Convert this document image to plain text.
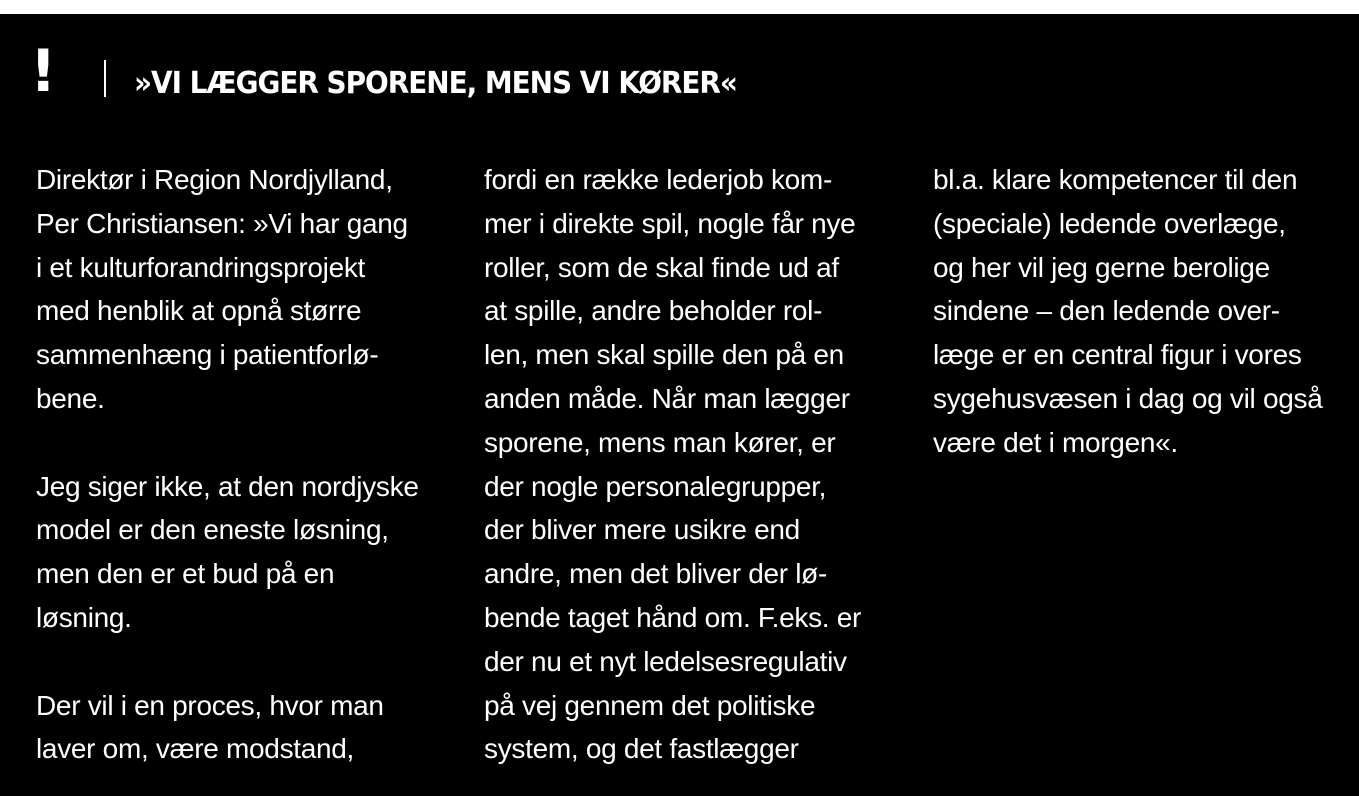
!	»VI LÆGGER SPORENE, MENS VI KØRER«
Direktør i Region Nordjylland,
Per Christiansen: »Vi har gang
i et kulturforandringsprojekt
med henblik at opnå større
sammenhæng i patientforlø-
bene.
Jeg siger ikke, at den nordjyske
model er den eneste løsning,
men den er et bud på en
løsning.
Der vil i en proces, hvor man
laver om, være modstand,
fordi en række lederjob kom-
mer i direkte spil, nogle får nye
roller, som de skal finde ud af
at spille, andre beholder rol-
len, men skal spille den på en
anden måde. Når man lægger
sporene, mens man kører, er
der nogle personalegrupper,
der bliver mere usikre end
andre, men det bliver der lø-
bende taget hånd om. F.eks. er
der nu et nyt ledelsesregulativ
på vej gennem det politiske
system, og det fastlægger
bl.a. klare kompetencer til den
(speciale) ledende overlæge,
og her vil jeg gerne berolige
sindene – den ledende over-
læge er en central figur i vores
sygehusvæsen i dag og vil også
være det i morgen«.
